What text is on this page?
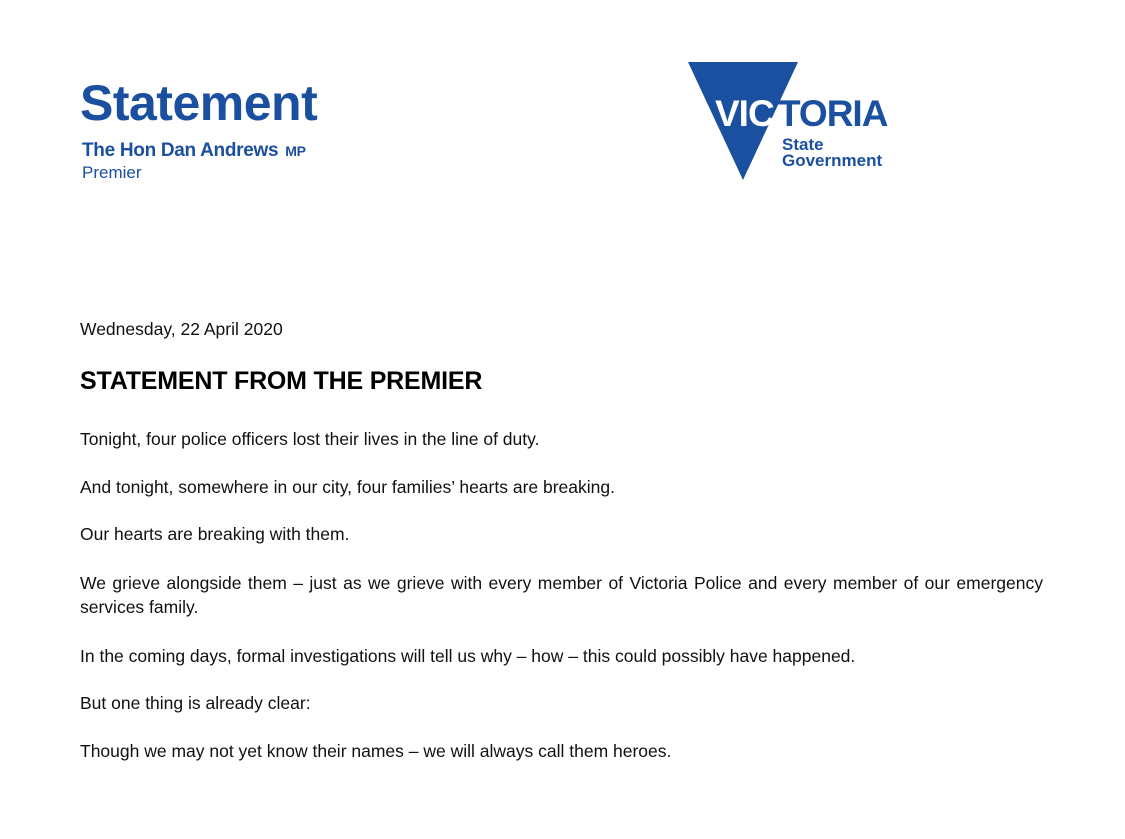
Statement
The Hon Dan Andrews MP
Premier
VIC TORIA
State
Government

Wednesday, 22 April 2020

STATEMENT FROM THE PREMIER

Tonight, four police officers lost their lives in the line of duty.

And tonight, somewhere in our city, four families’ hearts are breaking.

Our hearts are breaking with them.

We grieve alongside them – just as we grieve with every member of Victoria Police and every member of our emergency services family.

In the coming days, formal investigations will tell us why – how – this could possibly have happened.

But one thing is already clear:

Though we may not yet know their names – we will always call them heroes.
